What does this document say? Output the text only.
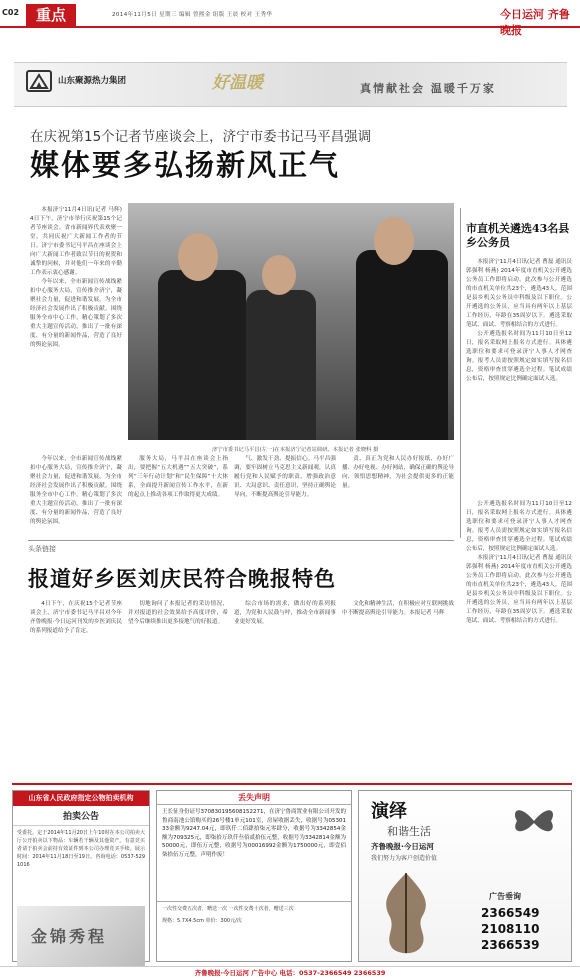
C02	重点	2014年11月5日 星期三 编辑 曾熙金 组版 王晨 校对 王秀华	今日运河 齐鲁晚报
山东聚源热力集团	好温暖	真情献社会 温暖千万家
在庆祝第15个记者节座谈会上，济宁市委书记马平昌强调
媒体要多弘扬新风正气

本报济宁11月4日讯(记者 马辉) 4日下午，济宁市举行庆祝第15个记者节座谈会。省市新闻界代表欢聚一堂，共同庆祝广大新闻工作者的节日。济宁市委书记马平昌在座谈会上向广大新闻工作者致以节日的祝贺和诚挚的问候，并对他们一年来的辛勤工作表示衷心感谢。

今年以来，全市新闻宣传战线紧扣中心服务大局，宣传推介济宁，凝聚社会力量，促进和谐发展，为全市经济社会发展作出了积极贡献。围绕服务全市中心工作，精心策划了多次重大主题宣传活动，推出了一批有深度、有分量的新闻作品，营造了良好的舆论氛围。

济宁市委书记马平昌(左一)在本报济宁记者站调研。本报记者 张晓科 摄

今年以来，全市新闻宣传战线紧扣中心服务大局，宣传推介济宁，凝聚社会力量，促进和谐发展，为全市经济社会发展作出了积极贡献。围绕服务全市中心工作，精心策划了多次重大主题宣传活动，推出了一批有深度、有分量的新闻作品，营造了良好的舆论氛围。

服务大局，马平昌在座谈会上指出，要把握“五大机遇”“五大突破”，系列“三年行动计划”和“民生保障”十大体系，全面提升新闻宣传工作水平，在新的起点上推动各项工作取得更大成绩。

气、激发干劲、提振信心。马平昌强调，要牢固树立马克思主义新闻观，认真履行党和人民赋予的职责，增强政治意识、大局意识、责任意识，坚持正确舆论导向，不断提高舆论引导能力。

责、真正为党和人民办好报纸、办好广播、办好电视、办好网站，确保正确的舆论导向，领悟思想精神，为社会提供更多的正能量。

市直机关遴选43名县乡公务员

本报济宁11月4日讯(记者 曹磊 通讯员 郭强利 杨燕) 2014年度市直机关公开遴选公务员工作即将启动，此次参与公开遴选的市直机关单位共23个，遴选43人，范围是县乡机关公务员中科级及以下职位。公开遴选的公务员，应当具有两年以上基层工作经历，年龄在35周岁以下。遴选采取笔试、面试、考察相结合的方式进行。

公开遴选报名时间为11月10日至12日，报名采取网上报名方式进行。具体遴选职位和要求可登录济宁人事人才网查询。报考人员需按照规定如实填写报名信息，资格审查贯穿遴选全过程。笔试成绩公布后，按照规定比例确定面试人选。

公开遴选报名时间为11月10日至12日，报名采取网上报名方式进行。具体遴选职位和要求可登录济宁人事人才网查询。报考人员需按照规定如实填写报名信息，资格审查贯穿遴选全过程。笔试成绩公布后，按照规定比例确定面试人选。

本报济宁11月4日讯(记者 曹磊 通讯员 郭强利 杨燕) 2014年度市直机关公开遴选公务员工作即将启动，此次参与公开遴选的市直机关单位共23个，遴选43人，范围是县乡机关公务员中科级及以下职位。公开遴选的公务员，应当具有两年以上基层工作经历，年龄在35周岁以下。遴选采取笔试、面试、考察相结合的方式进行。

头条链接
报道好乡医刘庆民符合晚报特色

4日下午，在庆祝15个记者节座谈会上，济宁市委书记马平昌对今年齐鲁晚报·今日运河刊发的乡医刘庆民的系列报道给予了肯定。

切地询问了本报记者的采访情况，并对报道的社会效果给予高度评价，希望今后继续推出更多接地气的好报道。

综合市场的需求，做出好的系列报道，为党和人民鼓与呼，推动全市新闻事业更好发展。

文化和精神生活，在积极应对互联网挑战中不断提高舆论引导能力。本报记者 马辉

山东省人民政府指定公物拍卖机构
拍卖公告
受委托，定于2014年11月20日上午10时在本公司拍卖大厅公开拍卖以下物品：车辆若干辆及其他资产。有意竞买者请于拍卖会前持有效证件到本公司办理竞买手续。展示时间：2014年11月18日至19日。咨询电话：0537-5291016
金锦秀程
丢失声明
王长征身份证号370830195608152271，在济宁鲁商置业有限公司开发的鲁商南池公馆购买的26号楼1单元101室，房屋收据丢失，收据号为0530133金额为9247.04元，即玖仟二佰肆拾柒元零肆分，收据号为3342854金额为709325元，即柒拾万玖仟叁佰贰拾伍元整，收据号为3342814金额为50000元，即伍万元整，收据号为00016992金额为1750000元，即壹佰柒拾伍万元整，声明作废！
一次性交费五次者，赠送一次 一次性交费十次者，赠送三次
规格：5.7X4.5cm 单价：300元/次
演绎
和谐生活
齐鲁晚报·今日运河
我们努力为客户创造价值
广告垂询
2366549
2108110
2366539
齐鲁晚报·今日运河 广告中心 电话：0537-2366549 2366539
